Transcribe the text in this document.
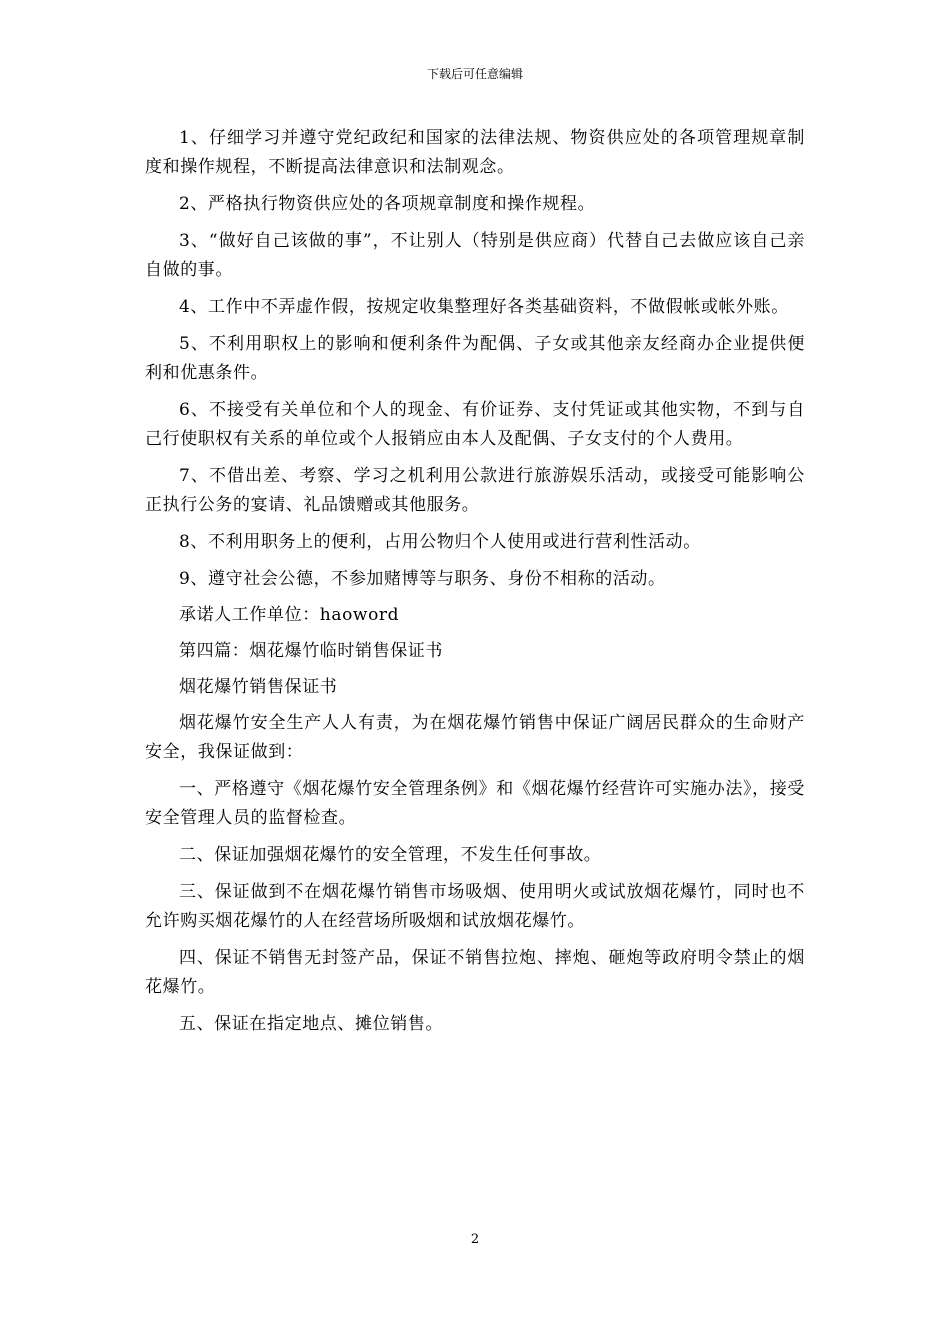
下载后可任意编辑

1、仔细学习并遵守党纪政纪和国家的法律法规、物资供应处的各项管理规章制度和操作规程，不断提高法律意识和法制观念。

2、严格执行物资供应处的各项规章制度和操作规程。

3、“做好自己该做的事”，不让别人（特别是供应商）代替自己去做应该自己亲自做的事。

4、工作中不弄虚作假，按规定收集整理好各类基础资料，不做假帐或帐外账。

5、不利用职权上的影响和便利条件为配偶、子女或其他亲友经商办企业提供便利和优惠条件。

6、不接受有关单位和个人的现金、有价证券、支付凭证或其他实物，不到与自己行使职权有关系的单位或个人报销应由本人及配偶、子女支付的个人费用。

7、不借出差、考察、学习之机利用公款进行旅游娱乐活动，或接受可能影响公正执行公务的宴请、礼品馈赠或其他服务。

8、不利用职务上的便利，占用公物归个人使用或进行营利性活动。

9、遵守社会公德，不参加赌博等与职务、身份不相称的活动。

承诺人工作单位：haoword

第四篇：烟花爆竹临时销售保证书

烟花爆竹销售保证书

烟花爆竹安全生产人人有责，为在烟花爆竹销售中保证广阔居民群众的生命财产安全，我保证做到：

一、严格遵守《烟花爆竹安全管理条例》和《烟花爆竹经营许可实施办法》，接受安全管理人员的监督检查。

二、保证加强烟花爆竹的安全管理，不发生任何事故。

三、保证做到不在烟花爆竹销售市场吸烟、使用明火或试放烟花爆竹，同时也不允许购买烟花爆竹的人在经营场所吸烟和试放烟花爆竹。

四、保证不销售无封签产品，保证不销售拉炮、摔炮、砸炮等政府明令禁止的烟花爆竹。

五、保证在指定地点、摊位销售。

2
